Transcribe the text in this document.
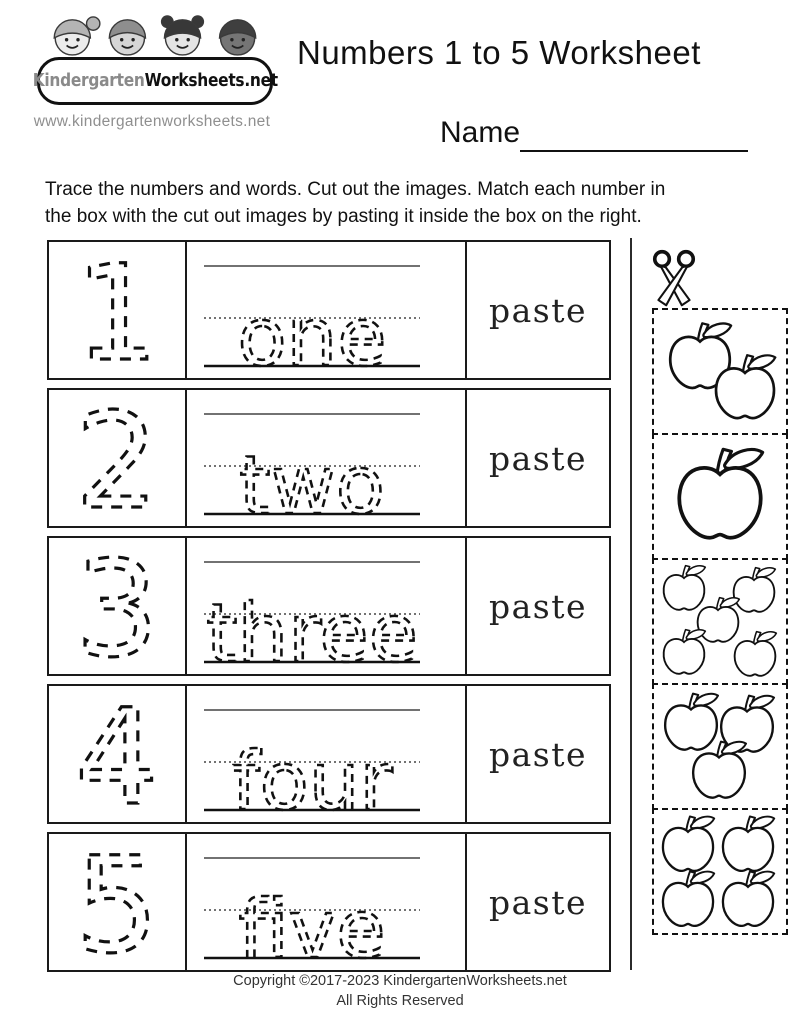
KindergartenWorksheets.net
www.kindergartenworksheets.net
Numbers 1 to 5 Worksheet
Name
Trace the numbers and words. Cut out the images. Match each number in
the box with the cut out images by pasting it inside the box on the right.
1 one	paste
2 two	paste
3 three paste
4 four	paste
5 five	paste
Copyright ©2017-2023 KindergartenWorksheets.net
All Rights Reserved
